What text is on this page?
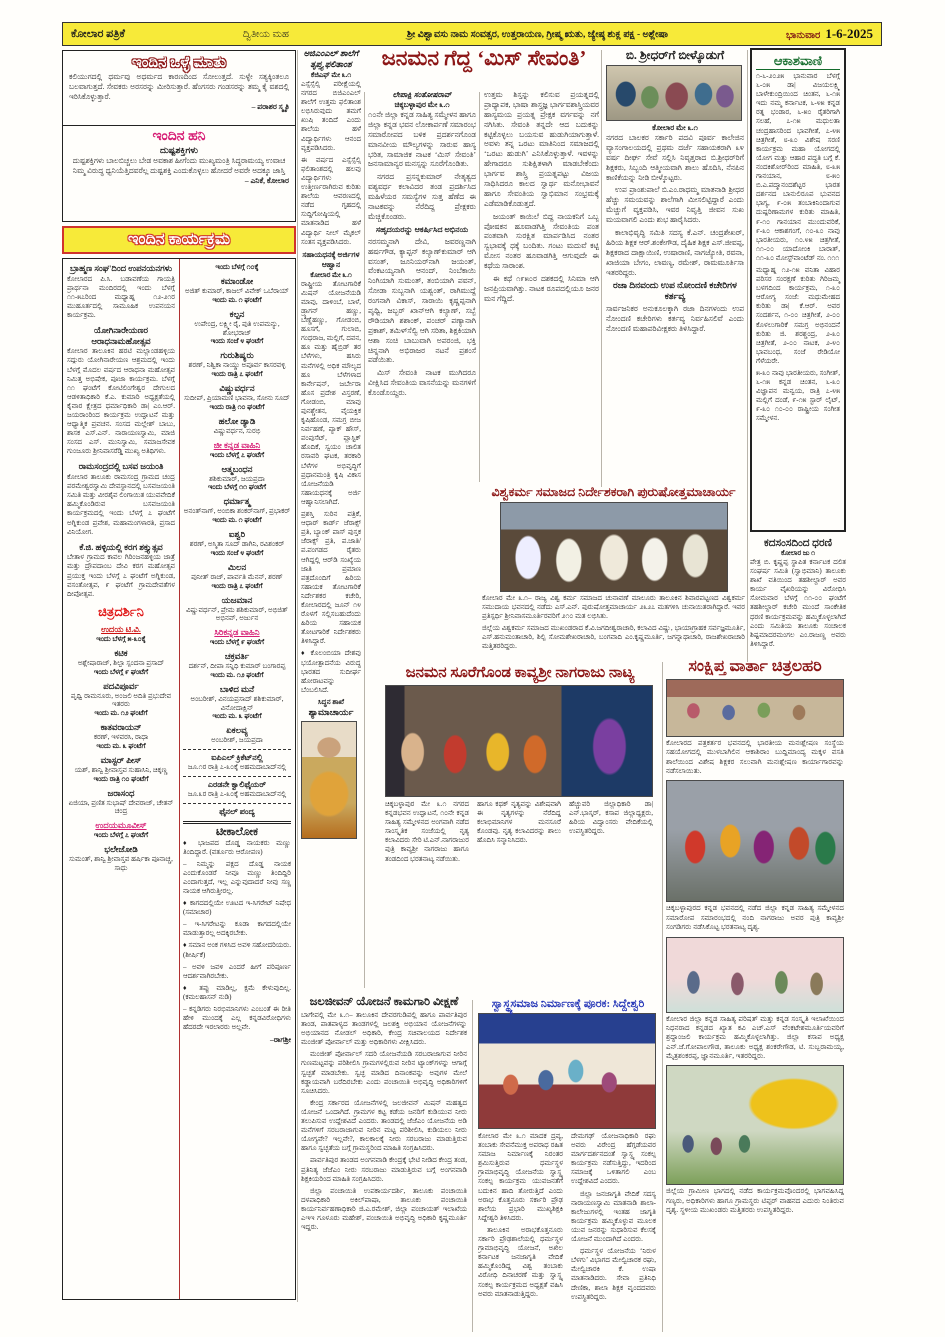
ಕೋಲಾರ ಪತ್ರಿಕೆ	ದ್ವಿತೀಯ ಮಹ	ಶ್ರೀ ವಿಶ್ವಾವಸು ನಾಮ ಸಂವತ್ಸರ, ಉತ್ತರಾಯಣ, ಗ್ರೀಷ್ಮ ಋತು, ಜ್ಯೇಷ್ಠ ಶುಕ್ಲ ಪಕ್ಷ - ಅಶ್ಲೇಷಾ	ಭಾನುವಾರ 1-6-2025
ಇಂದಿನ ಒಳ್ಳೆ ಮಾತು
ಕಲಿಯುಗದಲ್ಲಿ ಧರ್ಮವು ಅಧರ್ಮದ ಕಾರಣದಿಂದ ಸೋಲುತ್ತದೆ. ಸುಳ್ಳೇ ಸತ್ಯಕ್ಕಿಂತಲೂ ಬಲವಾಗುತ್ತದೆ. ಸೇವಕರು ಅರಸರನ್ನು ಮೀರಿಸುತ್ತಾರೆ. ಹೆಂಗಸರು ಗಂಡಸರನ್ನು ತಮ್ಮ ಕೈ ವಶದಲ್ಲಿ ಇರಿಸಿಕೊಳ್ಳುತ್ತಾರೆ.
– ಪರಾಶರ ಸ್ಮೃತಿ
ಇಂದಿನ ಹನಿ
ದುಷ್ಟಶಕ್ತಿಗಳು
ದುಷ್ಟಶಕ್ತಿಗಳು ಬಾಲಬಿಚ್ಚಲು ಬೇಡ ಅವಕಾಶ ಹೀಗೆಂದು ಮುಖ್ಯಮಂತ್ರಿ ಸಿದ್ಧರಾಮಯ್ಯ ಉವಾಚ ನಿಮ್ಮ ವಿರುದ್ಧ ಧ್ವನಿಯೆತ್ತಿದವರೆಲ್ಲ ದುಷ್ಟಶಕ್ತಿ ಎಂದುಕೊಳ್ಳಲು ಹೋದರೆ ಅವರೇ ಅದಕ್ಕೂ ಜಾಸ್ತಿ
– ಎನಿಕೆ, ಕೋಲಾರ
ಇಂದಿನ ಕಾರ್ಯಕ್ರಮ
ಬ್ರಾಹ್ಮಣ ಸಂಘ'ದಿಂದ ಉಪನಯನಗಳು
ಕೋಲಾರದ ಪಿ.ಸಿ. ಬಡಾವಣೆಯ ಗಾಯತ್ರಿ ಪ್ರಾರ್ಥನಾ ಮಂದಿರದಲ್ಲಿ ಇಂದು ಬೆಳಗ್ಗೆ ೧೧-೫೭ರಿಂದ ಮಧ್ಯಾಹ್ನ ೧೨-೨೧ರ ಮುಹೂರ್ತದಲ್ಲಿ ಸಾಮೂಹಿಕ ಉಪನಯನ ಕಾರ್ಯಕ್ರಮ.
ಯೋಗಿನಾರೇಯಣರ ಆರಾಧನಾಮಹೋತ್ಸವ
ಕೋಲಾರ ತಾಲೂಕಿನ ಹರಟಿ ಮಲ್ಲಾಂಡಹಳ್ಳಿಯ ಸದ್ಗುರು ಯೋಗಿನಾರೇಯಣ ಆಶ್ರಮದಲ್ಲಿ ಇಂದು ಬೆಳಗ್ಗೆ ಮೊದಲ ವರ್ಷದ ಆರಾಧನಾ ಮಹೋತ್ಸವ ನಿಮಿತ್ತ ಅಭಿಷೇಕ, ಪೂಜಾ ಕಾರ್ಯಕ್ರಮ. ಬೆಳಗ್ಗೆ ೧೧ ಘಂಟೆಗೆ ಕೋಟಿಲಿಂಗೇಶ್ವರ ದೇಗುಲದ ಆಡಳಿತಾಧಿಕಾರಿ ಕೆ.ಎ. ಕುಮಾರಿ ಅಧ್ಯಕ್ಷತೆಯಲ್ಲಿ ಕೈವಾರ ಕ್ಷೇತ್ರದ ಧರ್ಮಾಧಿಕಾರಿ ಡಾ| ಎಂ.ಆರ್. ಜಯರಾಂರಿಂದ ಕಾರ್ಯಕ್ರಮ ಉದ್ಘಾಟನೆ ಮತ್ತು ಆಧ್ಯಾತ್ಮಿಕ ಪ್ರವಚನ. ಸಂಸದ ಮಲ್ಲೇಶ್ ಬಾಬು, ಶಾಸಕ ಎಸ್.ಎನ್. ನಾರಾಯಣಸ್ವಾಮಿ, ಮಾಜಿ ಸಂಸದ ಎಸ್. ಮುನಿಸ್ವಾಮಿ, ಸಮಾಜಸೇವಕ ಗುಂಜೂರು ಶ್ರೀನಿವಾಸರೆಡ್ಡಿ ಮುಖ್ಯ ಅತಿಥಿಗಳು.
ರಾಮಸಂದ್ರದಲ್ಲಿ ಬಸವ ಜಯಂತಿ
ಕೋಲಾರ ತಾಲೂಕು ರಾಮಸಂದ್ರ ಗ್ರಾಮದ ಚಂದ್ರ ಪರಮೇಶ್ವರಸ್ವಾಮಿ ದೇವಸ್ಥಾನದಲ್ಲಿ ಬಸವಜಯಂತಿ ಸಮಿತಿ ಮತ್ತು ವೀರಶೈವ ಲಿಂಗಾಯಿತ ಯುವವೇದಿಕೆ ಹಮ್ಮಿಕೊಂಡಿರುವ ಬಸವಜಯಂತಿ ಕಾರ್ಯಕ್ರಮದಲ್ಲಿ ಇಂದು ಬೆಳಗ್ಗೆ ೭ ಘಂಟೆಗೆ ಅಗ್ನಿಕುಂಡ ಪ್ರವೇಶ, ಮಹಾಮಂಗಳಾರತಿ, ಪ್ರಸಾದ ವಿನಿಯೋಗ.
ಕೆ.ಜಿ. ಹಳ್ಳಿಯಲ್ಲಿ ಕರಗ ಶಕ್ತ್ಯುತ್ಸವ
ಬೇತಾಳ ಗ್ರಾಮದ ಕಾವಲ ಗಿರಿಂಜನಹಳ್ಳಿಯ ಜಾತ್ರೆ ಮತ್ತು ದ್ರೌಪದಾಂಬ ದೇವಿ ಕರಗ ಮಹೋತ್ಸವ ಪ್ರಯುಕ್ತ ಇಂದು ಬೆಳಗ್ಗೆ ೭ ಘಂಟೆಗೆ ಅಗ್ನಿಕುಂಡ, ವಸಂತೋತ್ಸವ, ೯ ಘಂಟೆಗೆ ಗ್ರಾಮದೇವತೆಗಳ ದೀಪೋತ್ಸವ.
ಚಿತ್ರದರ್ಶಿನಿ
ಉದಯ ಟಿ.ವಿ.
ಇಂದು ಬೆಳಗ್ಗೆ ೫-೩೦ಕ್ಕೆ
ಕಟಿಕ
ಅಶ್ಲೇಷಾರಾಜ್, ಶಿಲ್ಪಾ ಸ್ಪಂದನಾ ಪ್ರಸಾದ್
ಇಂದು ಬೆಳಗ್ಗೆ ೯ ಘಂಟೆಗೆ
ಪದವಿಪೂರ್ವ
ಪೃಥ್ವಿ ರಾಮನೂರು, ಅಂಜಲಿ ಅದಿತಿ ಪ್ರಭುದೇವ ಇತರರು
ಇಂದು ಮ. ೧೨ ಘಂಟೆಗೆ
ಕಾತವರಾಯನ್
ಕರಣ್, ಇಳವರಸಿ, ರಾಧಾ
ಇಂದು ಮ. ೩ ಘಂಟೆಗೆ
ಮಾಸ್ಟರ್ ಪೀಸ್
ಯಶ್, ಶಾನ್ವಿ ಶ್ರೀವಾಸ್ತವ ಸುಹಾಸಿನಿ, ಚಿಕ್ಕಣ್ಣ
ಇಂದು ರಾತ್ರಿ ೧೦ ಘಂಟೆಗೆ
ಜರಾಸಂಧ
ಏಜಿಯಾ, ಪ್ರಣಿತ ಸುಭಾಷ್ ದೇವರಾಜ್, ಚೇತನ್ ಚಂದ್ರ
ಉದಯಮೂವೀಸ್
ಇಂದು ಬೆಳಗ್ಗೆ ೭ ಘಂಟೆಗೆ
ಭಲೇಜೋಡಿ
ಸುಮಂತ್, ಶಾನ್ವಿ ಶ್ರೀವಾಸ್ತವ ಹರ್ಷಿಕಾ ಪೂನಾಚ್ಚ, ಸಾಧು
ಇಂದು ಬೆಳಗ್ಗೆ ೧೦ಕ್ಕೆ
ಕಮಾಂಡೋ
ಅಜಿತ್ ಕುಮಾರ್, ಕಾಜಲ್ ವಿವೇಕ್ ಒಬೆರಾಯ್
ಇಂದು ಮ. ೧ ಘಂಟೆಗೆ
ಕಲ್ಪನ
ಉಪೇಂದ್ರ, ಲಕ್ಷ್ಮೀ ರೈ, ಪುತಿ ಉಪಮನ್ಯು, ಶೋಭರಾಜ್
ಇಂದು ಸಂಜೆ ೪ ಘಂಟೆಗೆ
ಗುರುಶಿಷ್ಯರು
ಶರಣ್, ನಿಶ್ವಿಕಾ ನಾಯ್ಡು ಅಪೂರ್ವ ಕಾಸರವಳ್ಳಿ
ಇಂದು ರಾತ್ರಿ ೭ ಘಂಟೆಗೆ
ವಿಷ್ಣುವರ್ಧನ
ಸುದೀಪ್, ಪ್ರಿಯಾಮಣಿ ಭಾವನಾ, ಸೋನು ಸೂದ್
ಇಂದು ರಾತ್ರಿ ೧೦ ಘಂಟೆಗೆ
ಹಲೋ ಡ್ಯಾಡಿ
ವಿಷ್ಣುವರ್ಧನ, ಸುರಭಿ
ಜೀ ಕನ್ನಡ ವಾಹಿನಿ
ಇಂದು ಬೆಳಗ್ಗೆ ೭ ಘಂಟೆಗೆ
ಆತ್ಮಬಂಧನ
ಶಶಿಕುಮಾರ್, ಜಯಪ್ರದಾ
ಇಂದು ಬೆಳಗ್ಗೆ ೧೧ ಘಂಟೆಗೆ
ಧರ್ಮಾತ್ಮ
ಅನಂತ್‌ನಾಗ್, ಅಂಬಿಕಾ ಶಂಕರ್‌ನಾಗ್, ಪ್ರಭಾಕರ್
ಇಂದು ಮ. ೧ ಘಂಟೆಗೆ
ಐಶ್ವರಿ
ಶರಣ್, ಅಸ್ಮಿತಾ ಸೂದ್ ಡಾಗಿನಿ, ರವಿಶಂಕರ್
ಇಂದು ಸಂಜೆ ೪ ಘಂಟೆಗೆ
ಮಿಲನ
ಪುನೀತ್ ರಾಜ್, ಪಾರ್ವತಿ ಮೆನನ್, ಶರಣ್
ಇಂದು ರಾತ್ರಿ ೭ ಘಂಟೆಗೆ
ಯಜಮಾನ
ವಿಷ್ಣುವರ್ಧನ್, ಪ್ರೇಮ ಶಶಿಕುಮಾರ್, ಅಭಿಜಿತ್ ಅಭಿನವ್, ಅರ್ಜುನ
ಸಿರಿಕನ್ನಡ ವಾಹಿನಿ
ಇಂದು ಬೆಳಗ್ಗೆ ೯ ಘಂಟೆಗೆ
ಚಕ್ರವರ್ತಿ
ದರ್ಶನ್, ದೀಪಾ ಸನ್ನಿಧಿ ಕುಮಾರ್ ಬಂಗಾರಪ್ಪ
ಇಂದು ಮ. ೧೨ ಘಂಟೆಗೆ
ಬಾಳಿದ ಮನೆ
ಅಂಬರೀಶ್, ವಿನಯಪ್ರಸಾದ್ ಶಶಿಕುಮಾರ್, ವಿನೋದಾಕ್ಷಿನ್
ಇಂದು ಮ. ೩ ಘಂಟೆಗೆ
ಏಕಲವ್ಯ
ಅಂಬರೀಶ್, ಜಯಪ್ರದಾ
ಐಪಿಎಲ್ ಕ್ರಿಕೆಟ್‌ನಲ್ಲಿ
ಜೂ.೧ರ ರಾತ್ರಿ ೭-೩೦ಕ್ಕೆ ಅಹಮದಾಬಾದ್‌ನಲ್ಲಿ
ಎರಡನೇ ಕ್ವಾಲಿಫೈಯರ್
ಜೂ.೩ರ ರಾತ್ರಿ ೭-೩೦ಕ್ಕೆ ಅಹಮದಾಬಾದ್‌ನಲ್ಲಿ
ಫೈನಲ್ ಪಂದ್ಯ
ಟೀಕಾಲೋಕ
♦ ಭಾಜಪದ ದೊಡ್ಡ ನಾಯಕರು ಮಣ್ಣು ತಿಂದಿದ್ದಾರೆ. (ವರ್ತೂರು ಆರೋಪಣ)
– ನಿಮ್ಮನ್ನು ಪಕ್ಷದ ದೊಡ್ಡ ನಾಯಕ ಎಂದುಕೊಂಡರೆ ನೀವೂ ಮಣ್ಣು ತಿಂದಿದ್ದಿರಿ ಎಂದಾಗುತ್ತದೆ, ಇಲ್ಲ ಎನ್ನುವುದಾದರೆ ನೀವು ಸಣ್ಣ ನಾಯಕ ಆಗಿರುತ್ತೀರಲ್ಲ.
♦ ಕಾಗದದಲ್ಲಿಯೇ ಊಟದ ಇ-ಸಿಗರೇಟ್ ನಿಷೇಧ (ಸಮಾಚಾರ)
– ಇ-ಸಿಗರೇಟನ್ನು ಕೂಡಾ ಕಾಗದದಲ್ಲಿಯೇ ಮಾಡುತ್ತಾರಲ್ಲ ಅದಕ್ಕಿರಬೇಕು.
♦ ಸಮಾನ ಅಂಕ ಗಳಿಸಿದ ಅವಳಿ ಸಹೋದರಿಯರು. (ಶೀರ್ಷಿಕೆ)
– ಅವಳಿ ಜವಳಿ ಎಂದರೆ ಹೀಗೆ ಪರಿಪೂರ್ಣ ಆದರ್ಶವಾಗಿರಬೇಕು.
♦ ತಪ್ಪು ಮಾಡಿಲ್ಲ, ಕ್ಷಮೆ ಕೇಳುವುದಿಲ್ಲ. (ಕಮಲಹಾಸನ್ ನುಡಿ)
– ಕನ್ನಡಿಗರು ನಿರಭಿಮಾನಿಗಳು ಎಂಬಂತೆ ಈ ರೀತಿ ಹೇಳಿ ಮುಂದಕ್ಕೆ ಎಲ್ಲ ಕನ್ನಡವಿರೋಧಿಗಳು ಹೆದರದೇ ಇರಲಾರರು ಅಲ್ಲವೇ.
–ರಾಗಶ್ರೀ
ಅಜಿಎಂಎಲ್ ಶಾಲೆಗೆ
ತೃಪ್ತ್ಯ ಫಲಿತಾಂಶ
ಕೆಜಿಎಫ್ ಮೇ ೩.೧

ಎಸ್ಸೆಸ್ಸೆಲ್ಸಿ ಪರೀಕ್ಷೆಯಲ್ಲಿ ನಗರದ ಬಿಜಿಎಂಎಲ್ ಶಾಲೆಗೆ ಉತ್ತಮ ಫಲಿತಾಂಶ ಲಭಿಸಿರುವುದು ತಮಗೆ ಖುಷಿ ತಂದಿದೆ ಎಂದು ಶಾಲೆಯ ಹಳೆ ವಿದ್ಯಾರ್ಥಿಗಳು ಆನಂದ ವ್ಯಕ್ತಪಡಿಸಿದರು.

ಈ ವರ್ಷದ ಎಸ್ಸೆಸ್ಸೆಲ್ಸಿ ಫಲಿತಾಂಶದಲ್ಲಿ ಹಲವು ವಿದ್ಯಾರ್ಥಿಗಳು ಉತ್ತೀರ್ಣರಾಗಿರುವ ಕುರಿತು ಶಾಲೆಯ ಆವರಣದಲ್ಲಿ ನಡೆದ ಗೃಹದಲ್ಲಿ ಸುದ್ದಿಗೋಷ್ಠಿಯಲ್ಲಿ ಮಾತನಾಡಿದ ಹಳೆ ವಿದ್ಯಾರ್ಥಿ ನೀಲ್ ಮೈಕಲ್ ಸಂತಸ ವ್ಯಕ್ತಪಡಿಸಿದರು.

ಸಹಾಯಧನಕ್ಕೆ ಅರ್ಜಿಗಳ ಆಹ್ವಾನ
ಕೋಲಾರ ಮೇ ೩.೧

ರಾಷ್ಟ್ರೀಯ ತೋಟಗಾರಿಕೆ ಮಿಷನ್ ಯೋಜನೆಯಡಿ ಮಾವು, ದಾಳಿಂಬೆ, ಬಾಳೆ, ಡ್ರ್ಯಾಗನ್ ಹಣ್ಣು, ಬೆಣ್ಣೆಹಣ್ಣು, ಗೋಡಂಬಿ, ಹೂಸಗೆ, ಗುಲಾಬಿ, ಗಂಧರಾಜ, ಮಲ್ಲಿಗೆ, ದವನ, ಹೂ ಮತ್ತು ಹೈಬ್ರಿಡ್ ತರ ಬೆಳೆಗಳು, ಹಸಿರು ಮನೆಗಳಲ್ಲಿ ಅಧಿಕ ಮೌಲ್ಯದ ಹೂ ಬೆಳೆಗಳಾದ ಕಾರ್ನೇಷನ್, ಜರ್ಬೇರಾ ಹೊಸ ಪ್ರದೇಶ ವಿಸ್ತರಣೆ, ಗೋಡಂಬಿ, ಮಾವು ಪುನಶ್ಚೇತನ, ವೈಯಕ್ತಿಕ ಕೃಷಿಹೊಂಡ, ಸಮಗ್ರ ಬೀಜ ನಿರ್ವಹಣೆ, ಪ್ಯಾಕ್ ಹೌಸ್, ಪಂಪುಸೆಟ್, ಪ್ಲಾಸ್ಟಿಕ್ ಹೊದಿಕೆ, ಸ್ವಯಂ ಚಾಲಿತ ರಸಾವರಿ ಘಟಕ, ತರಕಾರಿ ಬೆಳೆಗಳ ಅಭಿವೃದ್ಧಿಗೆ ಪ್ರಧಾನಮಂತ್ರಿ ಕೃಷಿ ವಿಕಾಸ ಯೋಜನೆಯಡಿ ಸಹಾಯಧನಕ್ಕೆ ಅರ್ಜಿ ಆಹ್ವಾನಿಸಲಾಗಿದೆ.

ಪ್ರಶಸ್ತಿ ಸುರಿನ ಪತ್ರಿಕೆ, ಆಧಾರ್ ಕಾರ್ಡ್ ಜೆರಾಕ್ಸ್ ಪ್ರತಿ, ಬ್ಯಾಂಕ್ ಪಾಸ್ ಪುಸ್ತಕ ಜೆರಾಕ್ಸ್ ಪ್ರತಿ, ಪ.ಜಾತಿ/ಪ.ಪಂಗಡದ ರೈತರು ಆಗಿದ್ದಲ್ಲಿ ಆರ್‌ಡಿ ಸಂಖ್ಯೆಯ ಜಾತಿ ಪ್ರಮಾಣ ಪತ್ರದೊಂದಿಗೆ ಹಿರಿಯ ಸಹಾಯಕ ತೋಟಗಾರಿಕೆ ನಿರ್ದೇಶಕರ ಕಚೇರಿ, ಕೋಲಾರದಲ್ಲಿ ಜೂನ್ ೧೪ ರೊಳಗೆ ಸಲ್ಲಿಸಬಹುದೆಂದು ಹಿರಿಯ ಸಹಾಯಕ ತೋಟಗಾರಿಕೆ ನಿರ್ದೇಶಕರು ತಿಳಿಸಿದ್ದಾರೆ.

♦ ಕೊಲಂಬಿಯಾ ದೇಶವು ಭಯೋತ್ಪಾದನೆಯ ವಿರುದ್ಧ ಭಾರತದ ಸುದೀರ್ಘ ಹೋರಾಟವನ್ನು ಬೆಂಬಲಿಸಿದೆ.

ಸಿದ್ಧನ ಶಾಖೆ
ಶ್ಯಾಮಾಚಾರ್ಯ
ಜನಮನ ಗೆದ್ದ ‘ಮಿಸ್ ಸೇವಂತಿ’
ಲೇಪಾಕ್ಷಿ ಸಂತೋಷರಾವ್
ಚಿಕ್ಕಬಳ್ಳಾಪುರ ಮೇ ೩.೧

೧೦ನೇ ಜಿಲ್ಲಾ ಕನ್ನಡ ಸಾಹಿತ್ಯ ಸಮ್ಮೇಳನ ಹಾಗೂ ಜಿಲ್ಲಾ ಕನ್ನಡ ಭವನ ಲೋಕಾರ್ಪಣೆ ಸಮಾರಂಭ ಸಮಾರೋಪದ ಬಳಿಕ ಪ್ರದರ್ಶನಗೊಂಡ ಮಾನವೀಯ ಮೌಲ್ಯಗಳನ್ನು ಸಾರುವ ಹಾಸ್ಯ ಭರಿತ, ಸಾಮಾಜಿಕ ನಾಟಕ ‘ಮಿಸ್ ಸೇವಂತಿ’ ಜನಸಾಮಾನ್ಯರ ಮನಸ್ಸನ್ನು ಸೂರೆಗೊಂಡಿತು.

ನಗರದ ಪ್ರಸನ್ನಕುಮಾರ್ ನೇತೃತ್ವದ ವಶ್ಯವರ್ಧ ಕಲಾವಿದರ ತಂಡ ಪ್ರದರ್ಶಿಸಿದ ಮಹಿಳೆಯರ ಸಮಸ್ಯೆಗಳ ಸುತ್ತ ಹೆಣೆದ ಈ ನಾಟಕವನ್ನು ನೆರೆದಿದ್ದ ಪ್ರೇಕ್ಷಕರು ಮೆಚ್ಚಿಕೊಂಡರು.

ಸಹೃದಯರನ್ನು ಆಕರ್ಷಿಸಿದ ಅಭಿನಯ

ನರಸಮ್ಮನಾಗಿ ದೇವಿ, ಜವರಣ್ಣನಾಗಿ ಹರ್ಷಗೌಡ, ಕ್ಯಾಪ್ಟನ್ ಕಲ್ಯಾಣ್‌ಕುಮಾರ್ ಆಗಿ ವಸಂತ್, ಜೂನಿಯರ್‌ನಾಗಿ ಜಯಂತ್, ವೆಂಕಟಯ್ಯನಾಗಿ ಆನಂದ್, ನಿಂಬೆಕಾಯಿ ನಿಂಗಿಯಾಗಿ ಸುಮಂತ್, ತಂಬಿಯಾಗಿ ಪವನ್, ಸೋಡಾ ಸುಬ್ಬನಾಗಿ ಯಶ್ವಂತ್, ರಾಗಿಮುದ್ದೆ ರಂಗನಾಗಿ ವಿಕಾಸ್, ಸಾರಾಯಿ ಕೃಷ್ಣಪ್ಪನಾಗಿ ಪೃಥ್ವಿ, ಜಬ್ಬರ್ ಖಾನ್‌ಆಗಿ ಕಲ್ಯಾಣ್, ಸಬ್ಬೆ ರೌಡಿಯಾಗಿ ಶಶಾಂಕ್, ಪಂಚರ್ ಪಣ್ಯಾನಾಗಿ ಪ್ರಕಾಶ್, ತಮಿಳ್‌ಸೆಲ್ವಿ ಆಗಿ ಸರಿತಾ, ಶಿಕ್ಷಕಿಯಾಗಿ ಆಶಾ ಸಂಚಿ ಬಾಬುವಾಗಿ ಅಪರಂಜಿ, ಭಕ್ತಿ ಚಿನ್ನನಾಗಿ ಅಭಿರಾಜರ ನಟನೆ ಪ್ರಶಂಸೆ ಪಡೆಯಿತು.

ಮಿಸ್ ಸೇವಂತಿ ನಾಟಕ ಮುಗಿದರೂ ವೀಕ್ಷಿಸಿದ ಸೇವಂತಿಯ ವಾಸನೆಯನ್ನು ಮನಗಳಿಗೆ ಕೊಂಡೊಯ್ದರು.

ಉತ್ತಮ ಶಿಸ್ತನ್ನು ಕಲಿಸುವ ಪ್ರಯತ್ನದಲ್ಲಿ ಪ್ರಾಧ್ಯಾಪಕ, ಭಾಷಾ ಶಾಸ್ತ್ರಜ್ಞ ಭಾರ್ಗವಶಾಸ್ತ್ರಿಯವರ ಹಾಸ್ಯಮಯ ಪ್ರಯತ್ನ ಪ್ರೇಕ್ಷಕ ವರ್ಗವನ್ನು ನಗೆ ನಗಿಸಿತು. ಸೇವಂತಿ ತನ್ನದೇ ಆದ ಬದುಕನ್ನು ಕಟ್ಟಿಕೊಳ್ಳಲು ಬಯಸುವ ಹುಡುಗಿಯಾಗುತ್ತಾಳೆ. ಅವಳು ತನ್ನ ಒರಟು ಮಾತಿನಿಂದ ಸಮಾಜದಲ್ಲಿ ‘ಒರಟು ಹುಡುಗಿ’ ಎನಿಸಿಕೊಳ್ಳುತ್ತಾಳೆ. ಇವಳನ್ನು ಹೇಗಾದರೂ ಸುಶಿಕ್ಷಿತಳಾಗಿ ಮಾಡಬೇಕೆಂದು ಭಾರ್ಗವ ಶಾಸ್ತ್ರಿ ಪ್ರಯತ್ನಪಟ್ಟು ವಿಜಯ ಸಾಧಿಸಿದರೂ ಕಾಲದ ಸ್ವಾರ್ಥ ಮನೋಭಾವನೆ ಹಾಗೂ ಸೇವಂತಿಯ ಸ್ವಾಭಿಮಾನ ಸಂಭ್ರಮಕ್ಕೆ ಎಡೆಮಾಡಿಕೊಡುತ್ತದೆ.

ಜಯಂತ್ ಕಾಯಿಲೆ ಬಿದ್ದ ನಾಯಕನಿಗೆ ಒಬ್ಬ ಪೋಷಕನ ಹೂವಾಡಗಿತ್ತಿ ಸೇವಂತಿಯ ಪಂತ ಪಂತವಾಗಿ ಸುರಕ್ಷಿತ ಮಾರ್ಪಡಿಸಿದ ನಂತರ ಸ್ವಭಾವಕ್ಕೆ ಧಕ್ಕೆ ಬಂದಿತು. ಗಂಟು ಮದುವೆ ಕಟ್ಟಿ ಮೋಸ ನಂತರ ಹೂವಾಡಗಿತ್ತಿ ಆಗುವುದೇ ಈ ಕಥೆಯ ಸಾರಾಂಶ.

ಈ ಕಥೆ ೧೯೫೦ರ ದಶಕದಲ್ಲಿ ಸಿನಿಮಾ ಆಗಿ ಜನಪ್ರಿಯವಾಗಿತ್ತು. ನಾಟಕ ರೂಪದಲ್ಲಿಯೂ ಜನರ ಮನ ಗೆದ್ದಿದೆ.

ಬಿ. ಶ್ರೀಧರ್‌ಗೆ ಬೀಳ್ಕೊಡುಗೆ
ಕೋಲಾರ ಮೇ ೩.೧

ನಗರದ ಬಾಲಕರ ಸರ್ಕಾರಿ ಪದವಿ ಪೂರ್ವ ಕಾಲೇಜಿನ ವ್ಯಾಸಂಗಾಲಯದಲ್ಲಿ ಪ್ರಥಮ ದರ್ಜೆ ಸಹಾಯಕರಾಗಿ ೩೪ ವರ್ಷ ದೀರ್ಘ ಸೇವೆ ಸಲ್ಲಿಸಿ ನಿವೃತ್ತರಾದ ಬಿ.ಶ್ರೀಧರ್‌ರಿಗೆ ಶಿಕ್ಷಕರು, ಸಿಬ್ಬಂದಿ ಆತ್ಮೀಯವಾಗಿ ಶಾಲು ಹೊದಿಸಿ, ನೆನಪಿನ ಕಾಣಿಕೆಯನ್ನು ನೀಡಿ ಬೀಳ್ಕೊಟ್ಟರು.

ಉಪ ಪ್ರಾಂಶುಪಾಲೆ ಬಿ.ಎಂ.ರಾಧಮ್ಮ ಮಾತನಾಡಿ ಶ್ರೀಧರ ಹೆಚ್ಚು ಸಮಯವನ್ನು ಶಾಲೆಗಾಗಿ ಮೀಸಲಿಟ್ಟಿದ್ದಾರೆ ಎಂದು ಮೆಚ್ಚುಗೆ ವ್ಯಕ್ತಪಡಿಸಿ, ಇವರ ನಿವೃತ್ತಿ ಜೀವನ ಸುಖ ಮಯವಾಗಲಿ ಎಂದು ಶುಭ ಹಾರೈಸಿದರು.

ಕಾಲಾಭಿವೃದ್ಧಿ ಸಮಿತಿ ಸದಸ್ಯ ಕೆ.ಎನ್. ಚಂದ್ರಶೇಖರ್, ಹಿರಿಯ ಶಿಕ್ಷಕ ಆರ್.ಶಂಕೇಗೌಡ, ದೈಹಿಕ ಶಿಕ್ಷಕ ಎಸ್.ಜೀವಪ್ಪ, ಶಿಕ್ಷಕರಾದ ದಾಕ್ಷಾಯಿಣಿ, ಉಷಾರಾಣಿ, ನಾಗಜ್ಯೋತಿ, ರವನಾ, ಖಾಜಿಯಾ ಬೇಗಂ, ಲಾವಣ್ಯ, ರಮೇಶ್, ರಾಮಮೂರ್ತಿಸಾ ಇತರರಿದ್ದರು.

ರಜಾ ದಿನವಂದು ಉಪ ನೋಂದಣಿ ಕಚೇರಿಗಳ ಕರ್ತವ್ಯ

ಸಾರ್ವಜನಿಕರ ಅನುಕೂಲಕ್ಕಾಗಿ ರಜಾ ದಿನಗಳಂದು ಉಪ ನೋಂದಣಿ ಕಚೇರಿಗಳು ಕರ್ತವ್ಯ ನಿರ್ವಹಿಸಲಿವೆ ಎಂದು ನೋಂದಣಿ ಮಹಾಪರಿವೀಕ್ಷಕರು ತಿಳಿಸಿದ್ದಾರೆ.

ಆಕಾಶವಾಣಿ

೧-೬-೨೦೨೫ ಭಾನುವಾರ ಬೆಳಗ್ಗೆ ೬-೦೫ ಡಾ| ವಿಜಯಲಕ್ಷ್ಮಿ ಬಾಳೇಕುಂದ್ರಿಯಿಂದ ಚಿಂತನ, ೬-೧೫ ಇದು ನಮ್ಮ ಕರ್ನಾಟಕ, ೬-೪೫ ಕನ್ನಡ ರತ್ನ ಭಂಡಾರ, ೬-೫೦ ರೈತರಿಗಾಗಿ ಸಲಹೆ, ೭-೧೫ ಮಧುಲತಾ ಚಂದ್ರಹಾಸರಿಂದ ಭಾವಗೀತೆ, ೭-೪೫ ಚಿತ್ರಗೀತೆ, ೮-೩೦ ವಿಶೇಷ ಸರಣಿ ಕಾರ್ಯಕ್ರಮ ಮಹಾ ಯೋಗದಲ್ಲಿ ಯೋಗ ಮತ್ತು ಆಹಾರ ಪದ್ಧತಿ ಬಗ್ಗೆ ಕೆ. ನಂದಕಿಶೋರ್‌ರಿಂದ ಮಾಹಿತಿ, ೮-೩೫ ಗಾನಯಾನ, ೮-೫೦ ಬಿ.ಎ.ಪದ್ಮಾನಂದಶೆಟ್ಟರ ಭಾರತ ದರ್ಶನದ ಬಾನುಲಿರೂಪ ಭುವನದ ಭಾಗ್ಯ, ೯-೦೫ ತಂಬಾಕಿನಿಂದಾಗುವ ದುಷ್ಪರಿಣಾಮಗಳ ಕುರಿತು ಮಾಹಿತಿ, ೯-೧೦ ಗಾನಯಾನ ಮುಂದುವರಿಕೆ, ೯-೩೦ ಆಕಾಶಗಂಗೆ, ೧೦-೩೦ ನಾವು ಭಾರತೀಯರು, ೧೦.೪೫ ಚಿತ್ರಗೀತೆ, ೧೧-೦೦ ಯಾದೋಂಕಿ ಬಾರಾತ್, ೧೧-೩೦ ಮೋಸ್ಟ್‌ವಾಂಟೆಡ್ ನಂ. ೧೧೧

ಮಧ್ಯಾಹ್ನ ೧೨-೧೫ ವನಿತಾ ವಿಹಾರ ಪರಿಸರ ಸಂರಕ್ಷಣೆ ಕುರಿತು ಗಿರಿಜಮ್ಮ ಬಳಗದಿಂದ ಕಾರ್ಯಕ್ರಮ, ೧-೩೦ ಆರೋಗ್ಯ ಸಂಜೆ: ಮಧುಮೇಹದ ಕುರಿತು ಡಾ| ಕೆ.ಆರ್. ಅವರ ಸಂದರ್ಶನ, ೧-೦೦ ಚಿತ್ರಗೀತೆ, ೨-೦೦ ಕೊಳಲುಗಾರಿಕೆ ಸಮಗ್ರ ಅಭಿನಂದನೆ ಕುರಿತು ಜಿ. ಶರಶ್ಚಂದ್ರ, ೨-೩೦ ಚಿತ್ರಗೀತೆ, ೨-೦೦ ನಾಟಕ, ೨-೪೦ ಭಾವಬಂಧ, ಸಂಜೆ ರೇಡಿಯೋ ಗೆಳೆಯರೇ.

೫-೩೦ ನಾವು ಭಾರತೀಯರು, ಸಂಗೀತ್, ೬-೧೫ ಕನ್ನಡ ಚಿಂತನ, ೬-೩೦ ವಿಜ್ಞಾಪನ ಮನ್ವಯ, ರಾತ್ರಿ ೭-೪೫ ಮಲ್ಲಿಗೆ ದಂಡೆ, ೯-೧೫ ಸ್ಟಾರ್ ಲೈಟ್, ೯-೩೦ ೧೦-೦೦ ರಾಷ್ಟ್ರೀಯ ಸಂಗೀತ ಸಮ್ಮೇಳನ.

ಕದಸಂಸದಿಂದ ಧರಣಿ
ಕೋಲಾರ ಜು ೧

ಪೇತ್ರ ಬಿ. ಕೃಷ್ಣಪ್ಪ ಸ್ಥಾಪಿತ ಕರ್ನಾಟಕ ದಲಿತ ಸಂಘರ್ಷ ಸಮಿತಿ (ಸ್ವಾಭಿಮಾನಿ) ತಾಲೂಕು ಶಾಖೆ ವತಿಯಿಂದ ತಹಶೀಲ್ದಾರ್ ಅವರ ಕಾರ್ಯ ವೈಖರಿಯನ್ನು ವಿರೋಧಿಸಿ ಸೋಮವಾರ ಬೆಳಗ್ಗೆ ೧೧-೦೦ ಘಂಟೆಗೆ ತಹಶೀಲ್ದಾರ್ ಕಚೇರಿ ಮುಂದೆ ಸಾಂಕೇತಿಕ ಧರಣಿ ಕಾರ್ಯಕ್ರಮವನ್ನು ಹಮ್ಮಿಕೊಳ್ಳಲಾಗಿದೆ ಎಂದು ಸಮಿತಿಯ ತಾಲೂಕು ಸಂಚಾಲಕ ಶಿಷ್ಟಮಾದರಮಂಗಲ ಎಂ.ರಾಜಣ್ಣ ಅವರು ತಿಳಿಸಿದ್ದಾರೆ.

ವಿಶ್ವಕರ್ಮ ಸಮಾಜದ ನಿರ್ದೇಶಕರಾಗಿ ಪುರುಷೋತ್ತಮಾಚಾರ್ಯ

ಕೋಲಾರ ಮೇ ೩.೧– ರಾಜ್ಯ ವಿಶ್ವ ಕರ್ಮ ಸಮಾಜದ ಚುನಾವಣೆ ಮಾಲೂರು ತಾಲೂಕಿನ ಶಿವಾರಪಟ್ಟಣದ ವಿಶ್ವಕರ್ಮ ಸಮುದಾಯ ಭವನದಲ್ಲಿ ನಡೆದು ಎಸ್.ಎನ್. ಪುರುಷೋತ್ತಮಾಚಾರ್ಯ ೨೩೨೭ ಮತಗಳಿಸಿ ಚುನಾಯಿತರಾಗಿದ್ದಾರೆ. ಇವರ ಪ್ರತಿಸ್ಪರ್ಧಿ ಶ್ರೀನಿವಾಸಮೂರ್ತಿರವರಿಗೆ ೨೧೦ ಮತ ಲಭಿಸಿತು.

ಜಿಲ್ಲೆಯ ವಿಶ್ವಕರ್ಮ ಸಮಾಜದ ಮುಖಂಡರಾದ ಕೆ.ವಿ.ಜಗದೀಶ್ವರಾಚಾರಿ, ಕಲಾವಿದ ವಿಷ್ಣು, ಭಾಯಾಗ್ರಾಹಕ ಸರ್ವಜ್ಞಮೂರ್ತಿ, ಎಸ್.ಹನುಮಂತಾಚಾರಿ, ಶಿಲ್ಪಿ ಸೋಮಶೇಖರಾಚಾರಿ, ಬಂಗವಾದಿ ಎಂ.ಕೃಷ್ಣಮೂರ್ತಿ, ಜಗನ್ನಾಥಾಚಾರಿ, ರಾಜಶೇಖರಾಚಾರಿ ಮತ್ತಿತರರಿದ್ದರು.

ಜನಮನ ಸೂರೆಗೊಂಡ ಕಾವ್ಯಶ್ರೀ ನಾಗರಾಜು ನಾಟ್ಯ

ಚಿಕ್ಕಬಳ್ಳಾಪುರ ಮೇ ೩.೧ ನಗರದ ಕನ್ನಡಭವನ ಉದ್ಘಾಟನೆ, ೧೦ನೇ ಕನ್ನಡ ಸಾಹಿತ್ಯ ಸಮ್ಮೇಳನದ ಅಂಗವಾಗಿ ನಡೆದ ಸಾಂಸ್ಕೃತಿಕ ಸಂಜೆಯಲ್ಲಿ ನೃತ್ಯ ಕಲಾವಿದರು ಸೇರಿ ಟಿ.ಎನ್.ನಾಗರಾಜುರ ಪುತ್ರಿ ಕಾವ್ಯಶ್ರೀ ನಾಗರಾಜು ಹಾಗೂ ತಂಡದಿಂದ ಭರತನಾಟ್ಯ ನಡೆಯಿತು.

ಹಾಗೂ ಕಥಕ್ ನೃತ್ಯವನ್ನು ವಿಶೇಷವಾಗಿ ಈ ನೃತ್ಯಗಳನ್ನು ನೆರೆದಿದ್ದ ಕಲಾಭಿಮಾನಿಗಳ ಮನಸೂರೆ ಕೊಂಡವು. ನೃತ್ಯ ಕಲಾವಿದರನ್ನು ಶಾಲು ಹೊದಿಸಿ ಸನ್ಮಾನಿಸಿದರು.

ಹೆಚ್ಚುವರಿ ಜಿಲ್ಲಾಧಿಕಾರಿ ಡಾ| ಎನ್.ಭಾಸ್ಕರ್, ಕಸಾಪ ಜಿಲ್ಲಾಧ್ಯಕ್ಷರು, ಹಿರಿಯ ವಿದ್ವಾಂಸರು ವೇದಿಕೆಯಲ್ಲಿ ಉಪಸ್ಥಿತರಿದ್ದರು.

ಜಲಜೀವನ್ ಯೋಜನೆ ಕಾಮಗಾರಿ ವೀಕ್ಷಣೆ

ಬಾಗೇಪಲ್ಲಿ ಮೇ ೩.೧– ತಾಲೂಕಿನ ದೇವರಗುಡಿಪಲ್ಲಿ ಹಾಗೂ ಪಾರ್ವತಿಪುರ ತಾಂಡ, ಪಾತಪಾಳ್ಯದ ತಾಂಡಗಳಲ್ಲಿ ಜಲಶಕ್ತಿ ಅಭಿಯಾನ ಯೋಜನೆಗಳನ್ನು ಅಭಿಯಾನದ ನೋಡಲ್ ಅಧಿಕಾರಿ, ಕೇಂದ್ರ ಸಚಿವಾಲಯದ ನಿರ್ದೇಶಕ ಮಂಜೀತ್ ಪೋರ್ವಾಲ್ ಮತ್ತು ಅಧಿಕಾರಿಗಳು ವೀಕ್ಷಿಸಿದರು.

ಮಂಜೀತ್ ಪೋರ್ವಾಲ್ ಸದರಿ ಯೋಜನೆಯಡಿ ಸರಬರಾಜಾಗುವ ನೀರಿನ ಗುಣಮಟ್ಟವನ್ನು ಪರಿಶೀಲಿಸಿ ಗ್ರಾಮಗಳಲ್ಲಿರುವ ನೀರಿನ ಟ್ಯಾಂಕ್‌ಗಳನ್ನು ಆಗಾಗ್ಗೆ ಸ್ವಚ್ಛತೆ ಮಾಡಬೇಕು. ಸ್ವಚ್ಛ ಮಾಡಿದ ದಿನಾಂಕವನ್ನು ಅವುಗಳ ಮೇಲೆ ಕಡ್ಡಾಯವಾಗಿ ಬರೆದಿರಬೇಕು ಎಂದು ಪಂಚಾಯಿತಿ ಅಭಿವೃದ್ಧಿ ಅಧಿಕಾರಿಗಳಿಗೆ ಸೂಚಿಸಿದರು.

ಕೇಂದ್ರ ಸರ್ಕಾರದ ಯೋಜನೆಗಳಲ್ಲಿ ಜಲಜೀವನ್ ಮಿಷನ್ ಮಹತ್ವದ ಯೋಜನೆ ಒಂದಾಗಿದೆ. ಗ್ರಾಮಗಳ ಕಟ್ಟ ಕಡೆಯ ಜನರಿಗೆ ಕುಡಿಯುವ ನೀರು ತಲುಪಿಸುವ ಉದ್ದೇಶವಿದೆ ಎಂದರು. ತಾಂಡದಲ್ಲಿ ಜೆಜೆಎಂ ಯೋಜನೆಯ ಅಡಿ ಮನೆಗಳಿಗೆ ಸರಬರಾಜಾಗುವ ನೀರಿನ ಮಟ್ಟ ಪರಿಶೀಲಿಸಿ, ಕುಡಿಯಲು ನೀರು ಯೋಗ್ಯವೇ? ಇಲ್ಲವೇ?, ಕಾಲಕಾಲಕ್ಕೆ ನೀರು ಸರಬರಾಜು ಮಾಡುತ್ತಿರುವ ಹಾಗೂ ಸ್ವಚ್ಛತೆಯ ಬಗ್ಗೆ ಗ್ರಾಮಸ್ಥರಿಂದ ಮಾಹಿತಿ ಸಂಗ್ರಹಿಸಿದರು.

ಪಾರ್ವತಿಪುರ ತಾಂಡದ ಅಂಗನವಾಡಿ ಕೇಂದ್ರಕ್ಕೆ ಭೇಟಿ ನೀಡಿದ ಕೇಂದ್ರ ತಂಡ, ಪ್ರತಿನಿತ್ಯ ಜೆಜೆಎಂ ನೀರು ಸರಬರಾಜು ಮಾಡುತ್ತಿರುವ ಬಗ್ಗೆ ಅಂಗನವಾಡಿ ಶಿಕ್ಷಕಿಯರಿಂದ ಮಾಹಿತಿ ಸಂಗ್ರಹಿಸಿದರು.

ಜಿಲ್ಲಾ ಪಂಚಾಯಿತಿ ಉಪಕಾರ್ಯದರ್ಶಿ, ತಾಲೂಕು ಪಂಚಾಯಿತಿ ದಳಪಾಧಿಕಾರಿ ಅಕಿಲ್‌ಪಾಷಾ, ತಾಲೂಕು ಪಂಚಾಯಿತಿ ಕಾರ್ಯನಿರ್ವಹಣಾಧಿಕಾರಿ ಜಿ.ಎ.ರಮೇಶ್, ಜಿಲ್ಲಾ ಪಂಚಾಯತ್ ಇಲಾಖೆಯ ಎಇಇ ಗೂಳೂರು ಮಹೇಶ್, ಪಂಚಾಯಿತಿ ಅಭಿವೃದ್ಧಿ ಅಧಿಕಾರಿ ಕೃಷ್ಣಮೂರ್ತಿ ಇದ್ದರು.

ಸ್ವಾಸ್ಥ್ಯಸಮಾಜ ನಿರ್ಮಾಣಕ್ಕೆ ಪೂರಕ: ಸಿದ್ದೇಶ್ವರಿ

ಕೋಲಾರ ಮೇ ೩.೧ ಮಾದಕ ದ್ರವ್ಯ, ತಂಬಾಕು ಸೇವನೆಮುಕ್ತ ಅಪರಾಧ ರಹಿತ ಸಮಾಜ ನಿರ್ಮಾಣಕ್ಕೆ ನಿರಂತರ ಶ್ರಮಿಸುತ್ತಿರುವ ಧರ್ಮಸ್ಥಳ ಗ್ರಾಮಾಭಿವೃದ್ಧಿ ಯೋಜನೆಯ ಸ್ವಾಸ್ಥ್ಯ ಸಂಕಲ್ಪ ಕಾರ್ಯಕ್ರಮ ಯುವಜನತೆಗೆ ಬದುಕಿನ ಹಾದಿ ತೋರುತ್ತಿದೆ ಎಂದು ಅರಾಭ ಕೊತ್ತನೂರು ಸರ್ಕಾರಿ ಪ್ರೌಢ ಶಾಲೆಯ ಪ್ರಭಾರಿ ಮುಖ್ಯಶಿಕ್ಷಕಿ ಸಿದ್ದೇಶ್ವರಿ ತಿಳಿಸಿದರು.

ತಾಲೂಕಿನ ಅರಾಭಕೊತ್ತನೂರು ಸರ್ಕಾರಿ ಪ್ರೌಢಶಾಲೆಯಲ್ಲಿ ಧರ್ಮಸ್ಥಳ ಗ್ರಾಮಾಭಿವೃದ್ಧಿ ಯೋಜನೆ, ಅಖಿಲ ಕರ್ನಾಟಕ ಜನಜಾಗೃತಿ ವೇದಿಕೆ ಹಮ್ಮಿಕೊಂಡಿದ್ದ ವಿಶ್ವ ತಂಬಾಕು ವಿರೋಧಿ ದಿನಾಚರಣೆ ಮತ್ತು ಸ್ವಾಸ್ಥ್ಯ ಸಂಕಲ್ಪ ಕಾರ್ಯಕ್ರಮದ ಅಧ್ಯಕ್ಷತೆ ವಹಿಸಿ ಅವರು ಮಾತನಾಡುತ್ತಿದ್ದರು.

ದೇಮಗಢ್ ಯೋಜನಾಧಿಕಾರಿ ರಘು ಅವರು ವಿರೇಂದ್ರ ಹೆಗ್ಗಡೆಯವರ ಮಾರ್ಗದರ್ಶನದಂತೆ ಸ್ವಾಸ್ಥ್ಯ ಸಂಕಲ್ಪ ಕಾರ್ಯಕ್ರಮ ನಡೆಸುತ್ತಿದ್ದು, ಇದರಿಂದ ಸಮಾಜಕ್ಕೆ ಒಳಿತಾಗಲಿ ಎಂಬ ಉದ್ದೇಶವಿದೆ ಎಂದರು.

ಜಿಲ್ಲಾ ಜನಜಾಗೃತಿ ವೇದಿಕೆ ಸದಸ್ಯ ನಾರಾಯಣಸ್ವಾಮಿ ಮಾತನಾಡಿ ಶಾಲಾ-ಕಾಲೇಜುಗಳಲ್ಲಿ ಇಂತಹ ಜಾಗೃತಿ ಕಾರ್ಯಕ್ರಮ ಹಮ್ಮಿಕೊಳ್ಳುವ ಮೂಲಕ ಯುವ ಜನರನ್ನು ಸುಧಾರಿಸುವ ಕೆಲಸಕ್ಕೆ ಯೋಜನೆ ಮುಂದಾಗಿದೆ ಎಂದರು.

ಧರ್ಮಸ್ಥಳ ಯೋಜನೆಯ ‘ನಿರುಳ ಬೆಳಗು’ ವಿಭಾಗದ ಮೇಲ್ವಿಚಾರಕ ರಘು, ಮೇಲ್ವಿಚಾರಕಿ ಕೆ. ಉಷಾ ಮಾತನಾಡಿದರು. ಸೇವಾ ಪ್ರತಿನಿಧಿ ದೇಣಿಕಾ, ಶಾಲಾ ಶಿಕ್ಷಕ ವೃಂದದವರು ಉಪಸ್ಥಿತರಿದ್ದರು.

ಸಂಕ್ಷಿಪ್ತ ವಾರ್ತಾ ಚಿತ್ರಲಹರಿ
ಕೋಲಾರದ ಪತ್ರಕರ್ತರ ಭವನದಲ್ಲಿ ಭಾರತೀಯ ಮನಃಶ್ಲೇಷಣ ಸಂಸ್ಥೆಯ ಸಹಯೋಗದಲ್ಲಿ ಮುಳಬಾಗಿಲಿನ ಆಕಾಶಿರಾಂ ಬುದ್ದಿಮಾಂದ್ಯ ಮಕ್ಕಳ ವಸತಿ ಶಾಲೆಯಿಂದ ವಿಶೇಷ ಶಿಕ್ಷಕರ ಸಲುವಾಗಿ ಮನಃಶ್ಲೇಷಣ ಕಾರ್ಯಾಗಾರವನ್ನು ನಡೆಸಲಾಯಿತು.
ಚಿಕ್ಕಬಳ್ಳಾಪುರದ ಕನ್ನಡ ಭವನದಲ್ಲಿ ನಡೆದ ಜಿಲ್ಲಾ ಕನ್ನಡ ಸಾಹಿತ್ಯ ಸಮ್ಮೇಳನದ ಸಮಾರೋಪ ಸಮಾರಂಭದಲ್ಲಿ ನಂದಿ ನಾಗರಾಜು ಅವರ ಪುತ್ರಿ ಕಾವ್ಯಶ್ರೀ ಸಂಗಡಿಗರು ನಡೆಸಿಕೊಟ್ಟ ಭರತನಾಟ್ಯ ದೃಶ್ಯ.
ಕೋಲಾರ ಜಿಲ್ಲಾ ಕನ್ನಡ ಸಾಹಿತ್ಯ ಪರಿಷತ್ ಮತ್ತು ಕನ್ನಡ ಸಂಸ್ಕೃತಿ ಇಲಾಖೆಯಿಂದ ನಿಧನರಾದ ಕನ್ನಡದ ಖ್ಯಾತ ಕವಿ ಎಚ್.ಎಸ್ ವೆಂಕಟೇಶಮೂರ್ತಿಯವರಿಗೆ ಶ್ರದ್ಧಾಂಜಲಿ ಕಾರ್ಯಕ್ರಮ ಹಮ್ಮಿಕೊಳ್ಳಲಾಗಿತ್ತು. ಜಿಲ್ಲಾ ಕಸಾಪ ಅಧ್ಯಕ್ಷ ಎನ್.ಜೆ.ಗೋಪಾಲಗೌಡ, ತಾಲೂಕು ಅಧ್ಯಕ್ಷ ಶಂಕರೇಗೌಡ, ಟಿ. ಸುಬ್ಬರಾಮಯ್ಯ, ಮೈತ್ರಶಂಕರಪ್ಪ, ಜ್ಞಾನಮೂರ್ತಿ, ಇತರರಿದ್ದರು.
ಜಿಲ್ಲೆಯ ಗ್ರಾಮೀಣ ಭಾಗದಲ್ಲಿ ನಡೆದ ಕಾರ್ಯಕ್ರಮವೊಂದರಲ್ಲಿ ಭಾಗವಹಿಸಿದ್ದ ಗಣ್ಯರು, ಅಧಿಕಾರಿಗಳು ಹಾಗೂ ಗ್ರಾಮಸ್ಥರು ಟಿಪ್ಪರ್ ವಾಹನದ ಎದುರು ನಿಂತಿರುವ ದೃಶ್ಯ. ಸ್ಥಳೀಯ ಮುಖಂಡರು ಮತ್ತಿತರರು ಉಪಸ್ಥಿತರಿದ್ದರು.
